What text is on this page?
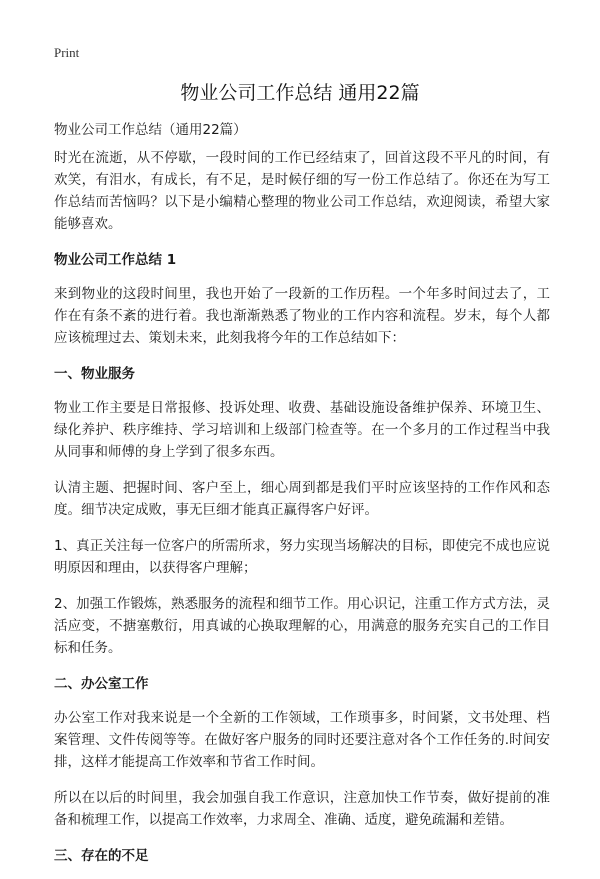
Print
物业公司工作总结 通用22篇

物业公司工作总结（通用22篇）

时光在流逝，从不停歇，一段时间的工作已经结束了，回首这段不平凡的时间，有欢笑，有泪水，有成长，有不足，是时候仔细的写一份工作总结了。你还在为写工作总结而苦恼吗？以下是小编精心整理的物业公司工作总结，欢迎阅读，希望大家能够喜欢。

物业公司工作总结 1

来到物业的这段时间里，我也开始了一段新的工作历程。一个年多时间过去了，工作在有条不紊的进行着。我也渐渐熟悉了物业的工作内容和流程。岁末，每个人都应该梳理过去、策划未来，此刻我将今年的工作总结如下：

一、物业服务

物业工作主要是日常报修、投诉处理、收费、基础设施设备维护保养、环境卫生、绿化养护、秩序维持、学习培训和上级部门检查等。在一个多月的工作过程当中我从同事和师傅的身上学到了很多东西。

认清主题、把握时间、客户至上，细心周到都是我们平时应该坚持的工作作风和态度。细节决定成败，事无巨细才能真正赢得客户好评。

1、真正关注每一位客户的所需所求，努力实现当场解决的目标，即使完不成也应说明原因和理由，以获得客户理解；

2、加强工作锻炼，熟悉服务的流程和细节工作。用心识记，注重工作方式方法，灵活应变，不搪塞敷衍，用真诚的心换取理解的心，用满意的服务充实自己的工作目标和任务。

二、办公室工作

办公室工作对我来说是一个全新的工作领域，工作琐事多，时间紧，文书处理、档案管理、文件传阅等等。在做好客户服务的同时还要注意对各个工作任务的.时间安排，这样才能提高工作效率和节省工作时间。

所以在以后的时间里，我会加强自我工作意识，注意加快工作节奏，做好提前的准备和梳理工作，以提高工作效率，力求周全、准确、适度，避免疏漏和差错。

三、存在的不足
